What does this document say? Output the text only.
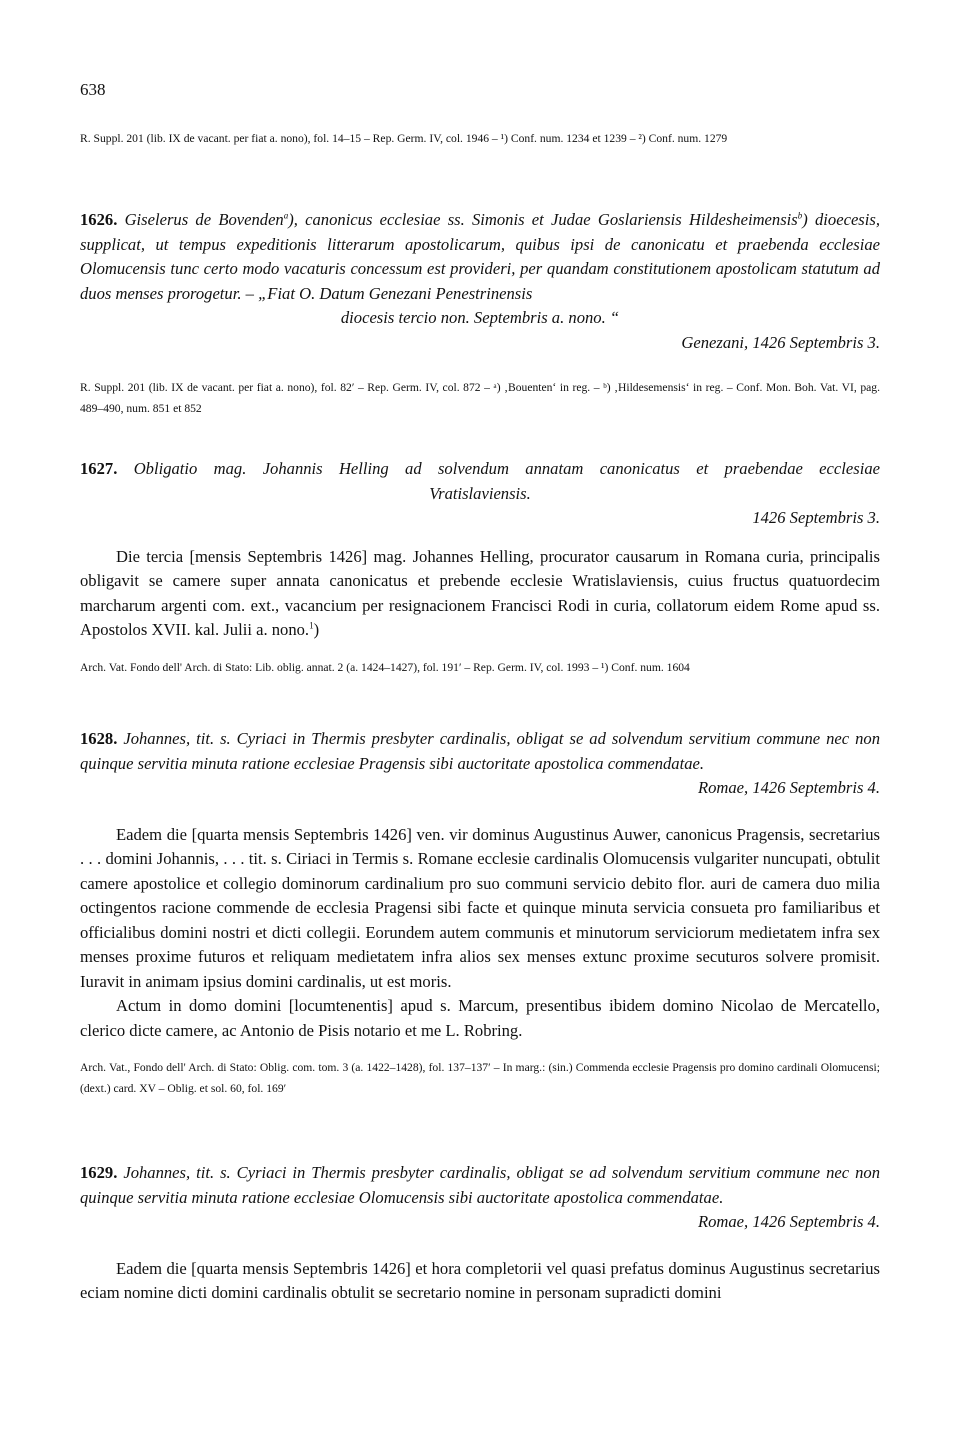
638
R. Suppl. 201 (lib. IX de vacant. per fiat a. nono), fol. 14–15 – Rep. Germ. IV, col. 1946 – ¹) Conf. num. 1234 et 1239 – ²) Conf. num. 1279
1626. Giselerus de Bovenden$^a$), canonicus ecclesiae ss. Simonis et Judae Goslariensis Hildesheimensis$^b$) dioecesis, supplicat, ut tempus expeditionis litterarum apostolicarum, quibus ipsi de canonicatu et praebenda ecclesiae Olomucensis tunc certo modo vacaturis concessum est provideri, per quandam constitutionem apostolicam statutum ad duos menses prorogetur. – „Fiat O. Datum Genezani Penestrinensis
diocesis tercio non. Septembris a. nono. “
Genezani, 1426 Septembris 3.
R. Suppl. 201 (lib. IX de vacant. per fiat a. nono), fol. 82′ – Rep. Germ. IV, col. 872 – ᵃ) ‚Bouenten‘ in reg. – ᵇ) ‚Hildesemensis‘ in reg. – Conf. Mon. Boh. Vat. VI, pag. 489–490, num. 851 et 852
1627. Obligatio mag. Johannis Helling ad solvendum annatam canonicatus et praebendae ecclesiae
Vratislaviensis.
1426 Septembris 3.

Die tercia [mensis Septembris 1426] mag. Johannes Helling, procurator causarum in Romana curia, principalis obligavit se camere super annata canonicatus et prebende ecclesie Wratislaviensis, cuius fructus quatuordecim marcharum argenti com. ext., vacancium per resignacionem Francisci Rodi in curia, collatorum eidem Rome apud ss. Apostolos XVII. kal. Julii a. nono.$^1$)

Arch. Vat. Fondo dell' Arch. di Stato: Lib. oblig. annat. 2 (a. 1424–1427), fol. 191′ – Rep. Germ. IV, col. 1993 – ¹) Conf. num. 1604
1628. Johannes, tit. s. Cyriaci in Thermis presbyter cardinalis, obligat se ad solvendum servitium commune nec non quinque servitia minuta ratione ecclesiae Pragensis sibi auctoritate apostolica commendatae.
Romae, 1426 Septembris 4.

Eadem die [quarta mensis Septembris 1426] ven. vir dominus Augustinus Auwer, canonicus Pragensis, secretarius . . . domini Johannis, . . . tit. s. Ciriaci in Termis s. Romane ecclesie cardinalis Olomucensis vulgariter nuncupati, obtulit camere apostolice et collegio dominorum cardinalium pro suo communi servicio debito flor. auri de camera duo milia octingentos racione commende de ecclesia Pragensi sibi facte et quinque minuta servicia consueta pro familiaribus et officialibus domini nostri et dicti collegii. Eorundem autem communis et minutorum serviciorum medietatem infra sex menses proxime futuros et reliquam medietatem infra alios sex menses extunc proxime secuturos solvere promisit. Iuravit in animam ipsius domini cardinalis, ut est moris.

Actum in domo domini [locumtenentis] apud s. Marcum, presentibus ibidem domino Nicolao de Mercatello, clerico dicte camere, ac Antonio de Pisis notario et me L. Robring.

Arch. Vat., Fondo dell' Arch. di Stato: Oblig. com. tom. 3 (a. 1422–1428), fol. 137–137′ – In marg.: (sin.) Commenda ecclesie Pragensis pro domino cardinali Olomucensi; (dext.) card. XV – Oblig. et sol. 60, fol. 169′
1629. Johannes, tit. s. Cyriaci in Thermis presbyter cardinalis, obligat se ad solvendum servitium commune nec non quinque servitia minuta ratione ecclesiae Olomucensis sibi auctoritate apostolica commendatae.
Romae, 1426 Septembris 4.

Eadem die [quarta mensis Septembris 1426] et hora completorii vel quasi prefatus dominus Augustinus secretarius eciam nomine dicti domini cardinalis obtulit se secretario nomine in personam supradicti domini
